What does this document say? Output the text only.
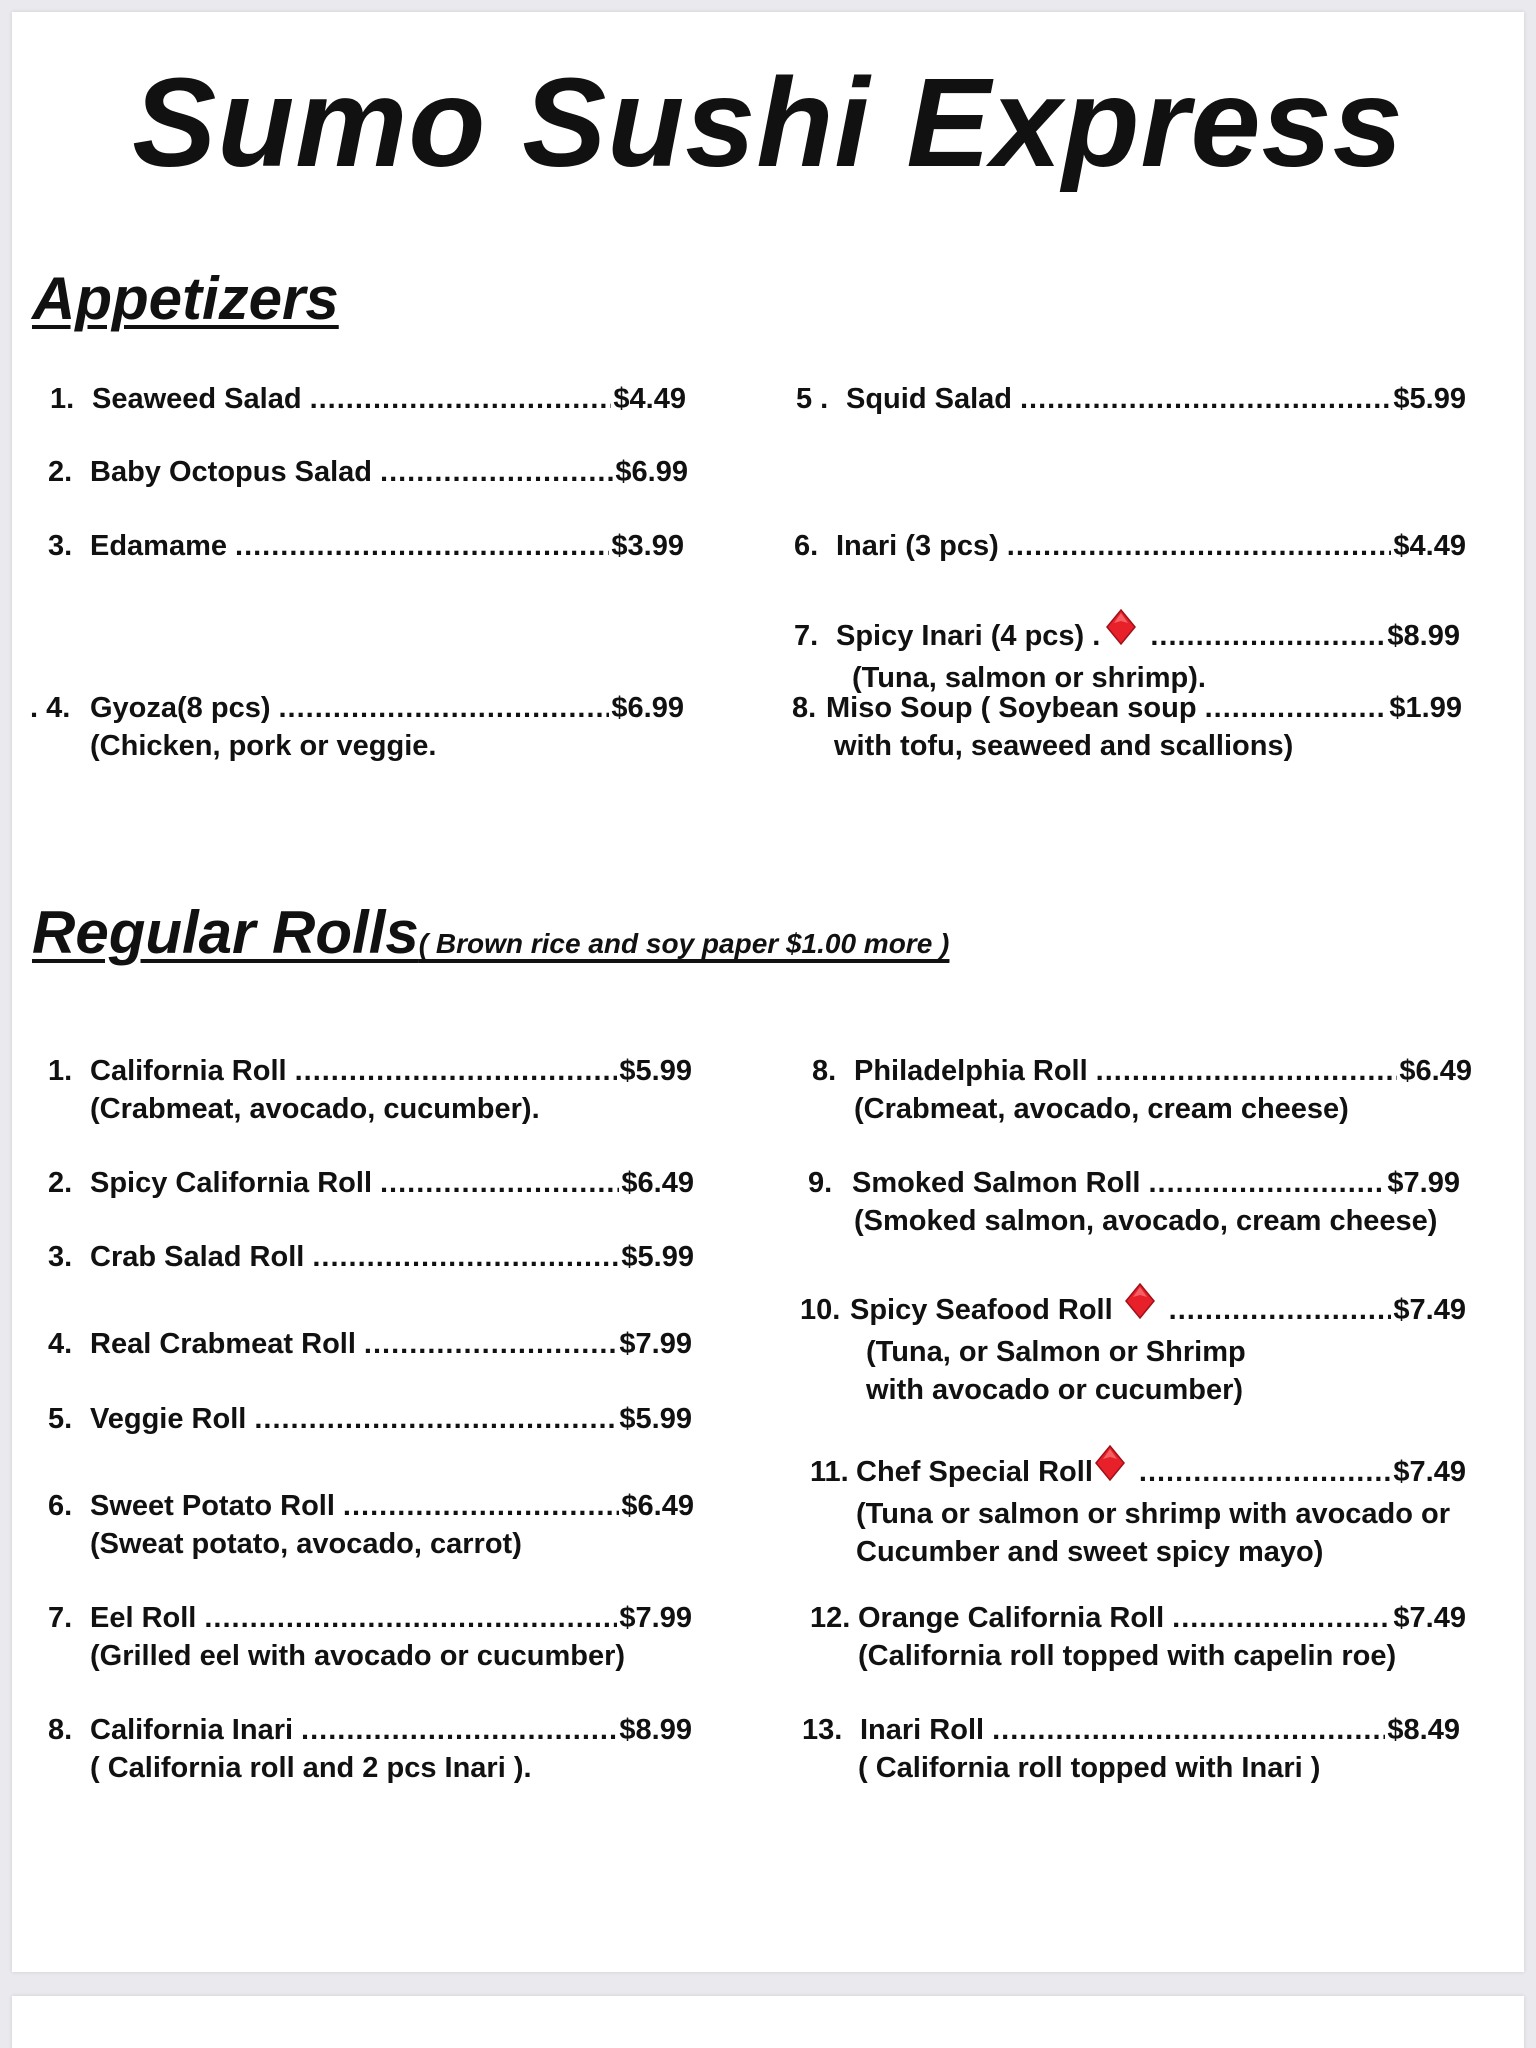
Sumo Sushi Express
Appetizers
1. Seaweed Salad .....	$4.49
2. Baby Octopus Salad .....	$6.99
3. Edamame .....	$3.99
. 4. Gyoza(8 pcs) .....	$6.99
(Chicken, pork or veggie.
5 . Squid Salad .....	$5.99
6. Inari (3 pcs) .....	$4.49
7. Spicy Inari (4 pcs) . .....	$8.99
(Tuna, salmon or shrimp).
8. Miso Soup ( Soybean soup .....	$1.99
with tofu, seaweed and scallions)
Regular Rolls( Brown rice and soy paper $1.00 more )
1. California Roll .....	$5.99
(Crabmeat, avocado, cucumber).
2. Spicy California Roll .....	$6.49
3. Crab Salad Roll .....	$5.99
4. Real Crabmeat Roll .....	$7.99
5. Veggie Roll .....	$5.99
6. Sweet Potato Roll .....	$6.49
(Sweat potato, avocado, carrot)
7. Eel Roll .....	$7.99
(Grilled eel with avocado or cucumber)
8. California Inari .....	$8.99
( California roll and 2 pcs Inari ).
8. Philadelphia Roll .....	$6.49
(Crabmeat, avocado, cream cheese)
9. Smoked Salmon Roll .....	$7.99
(Smoked salmon, avocado, cream cheese)
10. Spicy Seafood Roll .....	$7.49
(Tuna, or Salmon or Shrimp
with avocado or cucumber)
11. Chef Special Roll .....	$7.49
(Tuna or salmon or shrimp with avocado or
Cucumber and sweet spicy mayo)
12. Orange California Roll .....	$7.49
(California roll topped with capelin roe)
13. Inari Roll .....	$8.49
( California roll topped with Inari )
